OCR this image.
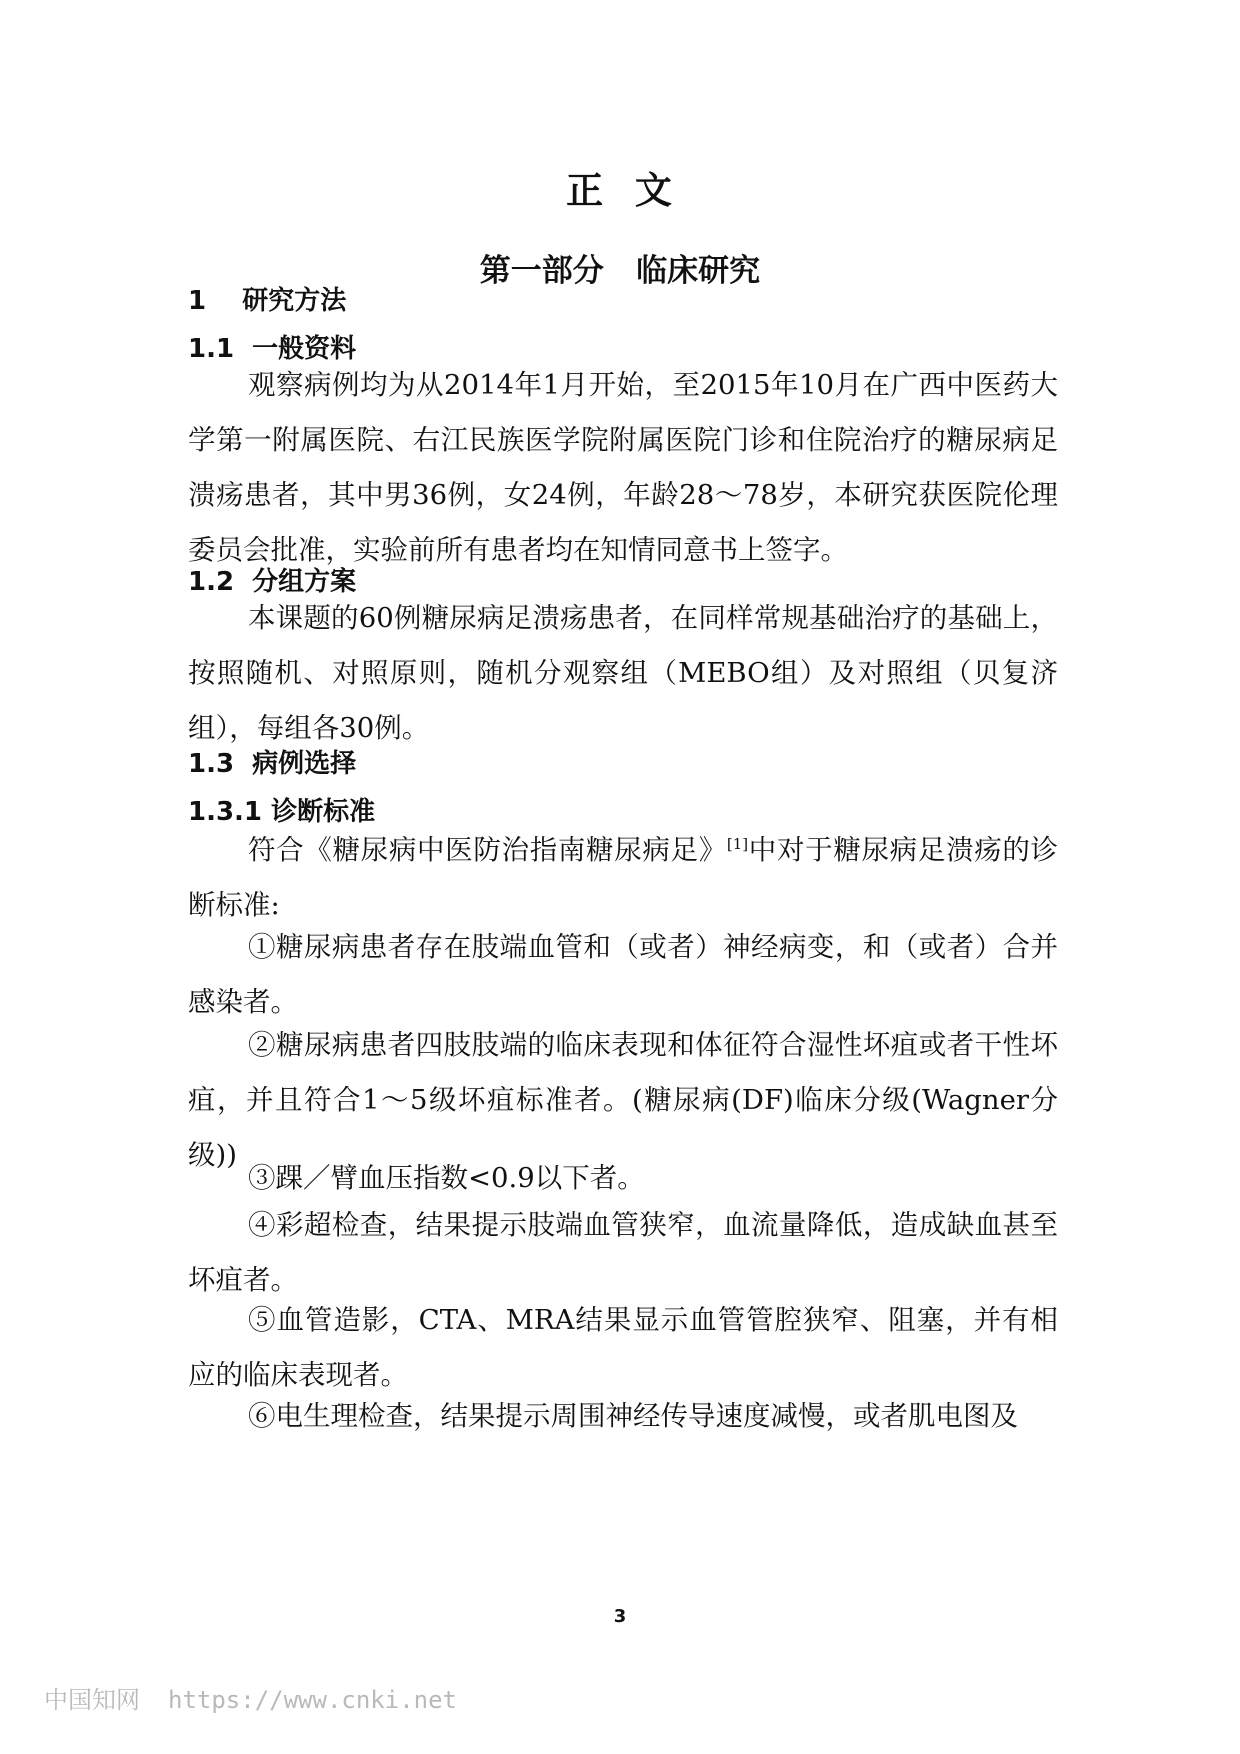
正  文
第一部分   临床研究
1    研究方法
1.1  一般资料

观察病例均为从2014年1月开始，至2015年10月在广西中医药大学第一附属医院、右江民族医学院附属医院门诊和住院治疗的糖尿病足溃疡患者，其中男36例，女24例，年龄28～78岁，本研究获医院伦理委员会批准，实验前所有患者均在知情同意书上签字。

1.2  分组方案

本课题的60例糖尿病足溃疡患者，在同样常规基础治疗的基础上，按照随机、对照原则，随机分观察组（MEBO组）及对照组（贝复济组），每组各30例。

1.3  病例选择
1.3.1 诊断标准

符合《糖尿病中医防治指南糖尿病足》[1]中对于糖尿病足溃疡的诊断标准:

①糖尿病患者存在肢端血管和（或者）神经病变，和（或者）合并感染者。

②糖尿病患者四肢肢端的临床表现和体征符合湿性坏疽或者干性坏疽，并且符合1～5级坏疽标准者。(糖尿病(DF)临床分级(Wagner分级))

③踝／臂血压指数<0.9以下者。

④彩超检查，结果提示肢端血管狭窄，血流量降低，造成缺血甚至坏疽者。

⑤血管造影，CTA、MRA结果显示血管管腔狭窄、阻塞，并有相应的临床表现者。

⑥电生理检查，结果提示周围神经传导速度减慢，或者肌电图及

3
中国知网 https://www.cnki.net
